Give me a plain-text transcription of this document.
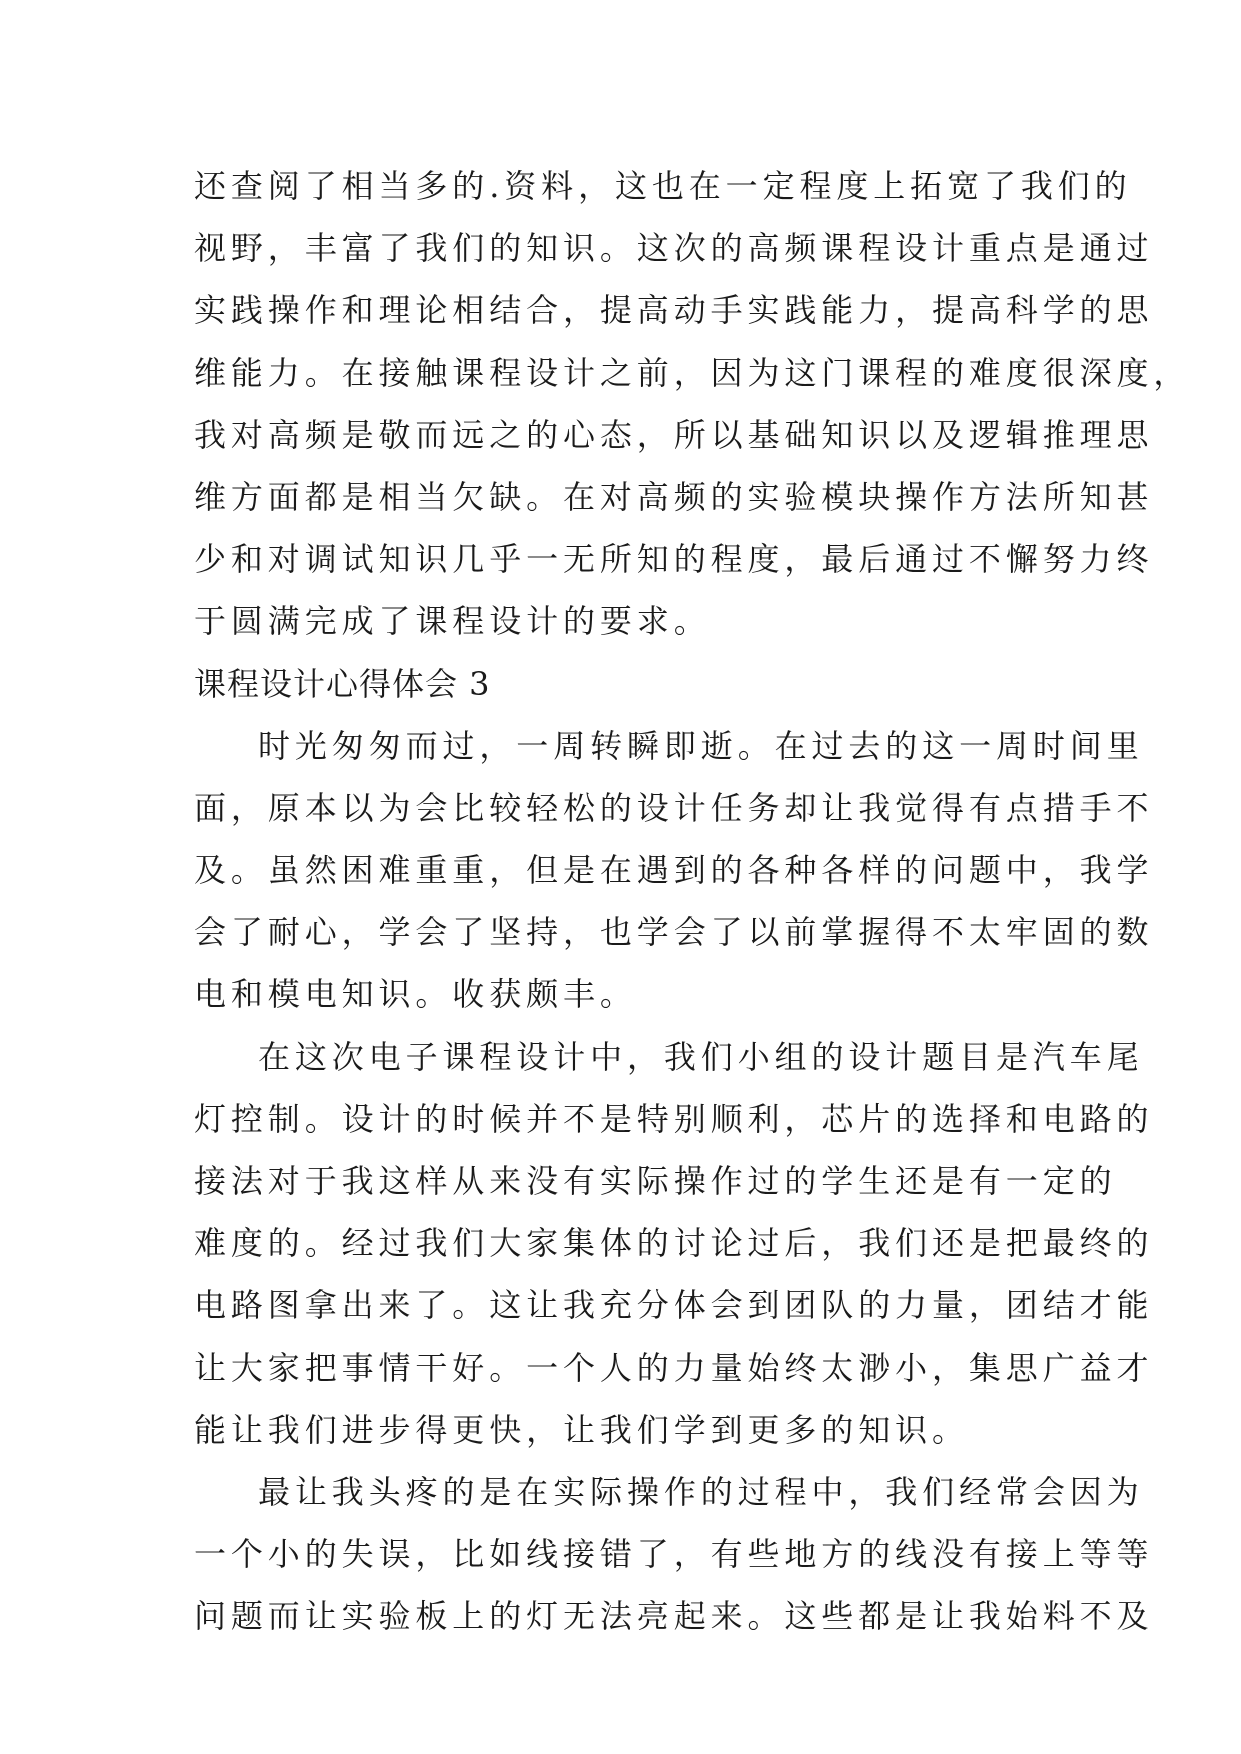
还查阅了相当多的.资料，这也在一定程度上拓宽了我们的
视野，丰富了我们的知识。这次的高频课程设计重点是通过
实践操作和理论相结合，提高动手实践能力，提高科学的思
维能力。在接触课程设计之前，因为这门课程的难度很深度，
我对高频是敬而远之的心态，所以基础知识以及逻辑推理思
维方面都是相当欠缺。在对高频的实验模块操作方法所知甚
少和对调试知识几乎一无所知的程度，最后通过不懈努力终
于圆满完成了课程设计的要求。
课程设计心得体会 3
时光匆匆而过，一周转瞬即逝。在过去的这一周时间里
面，原本以为会比较轻松的设计任务却让我觉得有点措手不
及。虽然困难重重，但是在遇到的各种各样的问题中，我学
会了耐心，学会了坚持，也学会了以前掌握得不太牢固的数
电和模电知识。收获颇丰。
在这次电子课程设计中，我们小组的设计题目是汽车尾
灯控制。设计的时候并不是特别顺利，芯片的选择和电路的
接法对于我这样从来没有实际操作过的学生还是有一定的
难度的。经过我们大家集体的讨论过后，我们还是把最终的
电路图拿出来了。这让我充分体会到团队的力量，团结才能
让大家把事情干好。一个人的力量始终太渺小，集思广益才
能让我们进步得更快，让我们学到更多的知识。
最让我头疼的是在实际操作的过程中，我们经常会因为
一个小的失误，比如线接错了，有些地方的线没有接上等等
问题而让实验板上的灯无法亮起来。这些都是让我始料不及
